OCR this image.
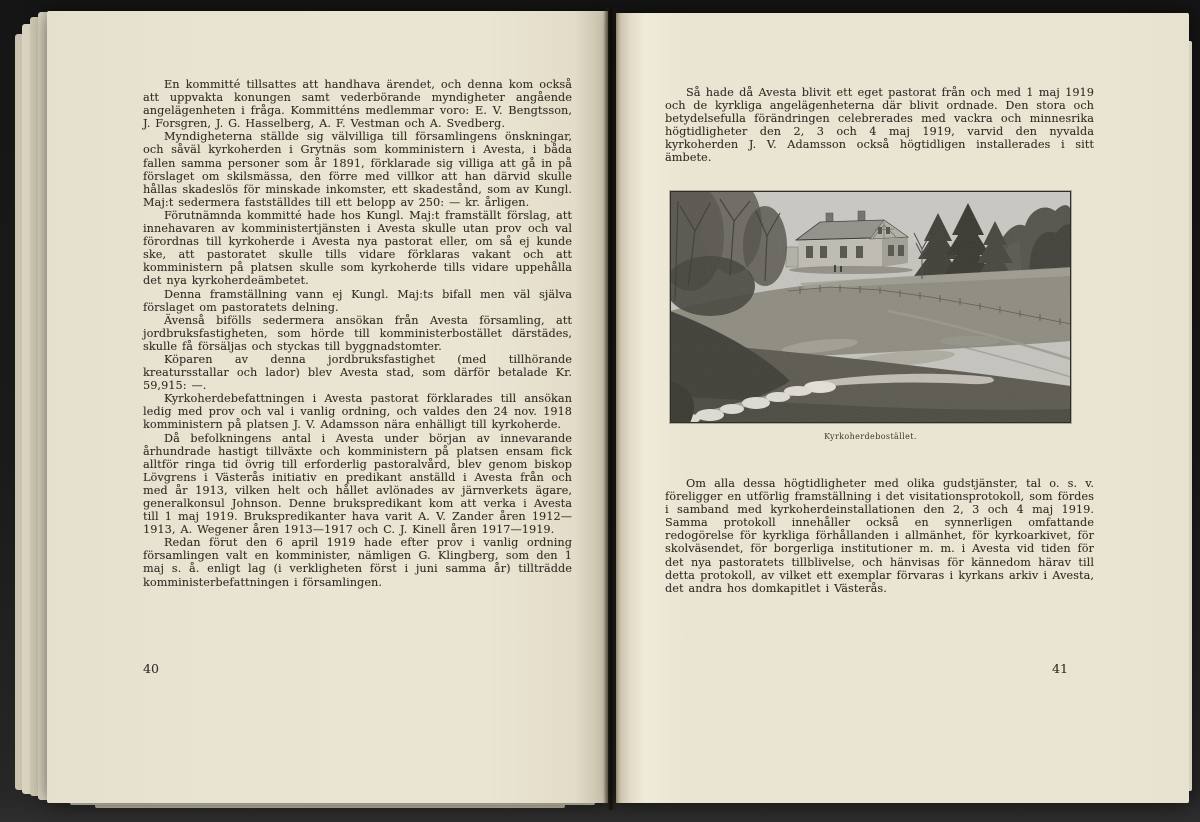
En kommitté tillsattes att handhava ärendet, och denna kom också att uppvakta konungen samt vederbörande myndigheter angående angelägenheten i fråga. Kommitténs medlemmar voro: E. V. Bengtsson, J. Forsgren, J. G. Hasselberg, A. F. Vestman och A. Svedberg.

Myndigheterna ställde sig välvilliga till församlingens önskningar, och såväl kyrkoherden i Grytnäs som komministern i Avesta, i båda fallen samma personer som år 1891, förklarade sig villiga att gå in på förslaget om skilsmässa, den förre med villkor att han därvid skulle hållas skadeslös för minskade inkomster, ett skadestånd, som av Kungl. Maj:t sedermera fastställdes till ett belopp av 250: — kr. årligen.

Förutnämnda kommitté hade hos Kungl. Maj:t framställt förslag, att innehavaren av komministertjänsten i Avesta skulle utan prov och val förordnas till kyrkoherde i Avesta nya pastorat eller, om så ej kunde ske, att pastoratet skulle tills vidare förklaras vakant och att komministern på platsen skulle som kyrkoherde tills vidare uppehålla det nya kyrkoherdeämbetet.

Denna framställning vann ej Kungl. Maj:ts bifall men väl själva förslaget om pastoratets delning.

Ävenså bifölls sedermera ansökan från Avesta församling, att jordbruksfastigheten, som hörde till komministerbostället därstädes, skulle få försäljas och styckas till byggnadstomter.

Köparen av denna jordbruksfastighet (med tillhörande kreatursstallar och lador) blev Avesta stad, som därför betalade Kr. 59,915: —.

Kyrkoherdebefattningen i Avesta pastorat förklarades till ansökan ledig med prov och val i vanlig ordning, och valdes den 24 nov. 1918 komministern på platsen J. V. Adamsson nära enhälligt till kyrkoherde.

Då befolkningens antal i Avesta under början av innevarande århundrade hastigt tillväxte och komministern på platsen ensam fick alltför ringa tid övrig till erforderlig pastoralvård, blev genom biskop Lövgrens i Västerås initiativ en predikant anställd i Avesta från och med år 1913, vilken helt och hållet avlönades av järnverkets ägare, generalkonsul Johnson. Denne brukspredikant kom att verka i Avesta till 1 maj 1919. Brukspredikanter hava varit A. V. Zander åren 1912—1913, A. Wegener åren 1913—1917 och C. J. Kinell åren 1917—1919.

Redan förut den 6 april 1919 hade efter prov i vanlig ordning församlingen valt en komminister, nämligen G. Klingberg, som den 1 maj s. å. enligt lag (i verkligheten först i juni samma år) tillträdde komministerbefattningen i församlingen.

40

Så hade då Avesta blivit ett eget pastorat från och med 1 maj 1919 och de kyrkliga angelägenheterna där blivit ordnade. Den stora och betydelsefulla förändringen celebrerades med vackra och minnesrika högtidligheter den 2, 3 och 4 maj 1919, varvid den nyvalda kyrkoherden J. V. Adamsson också högtidligen installerades i sitt ämbete.

Kyrkoherdebostället.

Om alla dessa högtidligheter med olika gudstjänster, tal o. s. v. föreligger en utförlig framställning i det visitationsprotokoll, som fördes i samband med kyrkoherdeinstallationen den 2, 3 och 4 maj 1919. Samma protokoll innehåller också en synnerligen omfattande redogörelse för kyrkliga förhållanden i allmänhet, för kyrkoarkivet, för skolväsendet, för borgerliga institutioner m. m. i Avesta vid tiden för det nya pastoratets tillblivelse, och hänvisas för kännedom härav till detta protokoll, av vilket ett exemplar förvaras i kyrkans arkiv i Avesta, det andra hos domkapitlet i Västerås.

41
